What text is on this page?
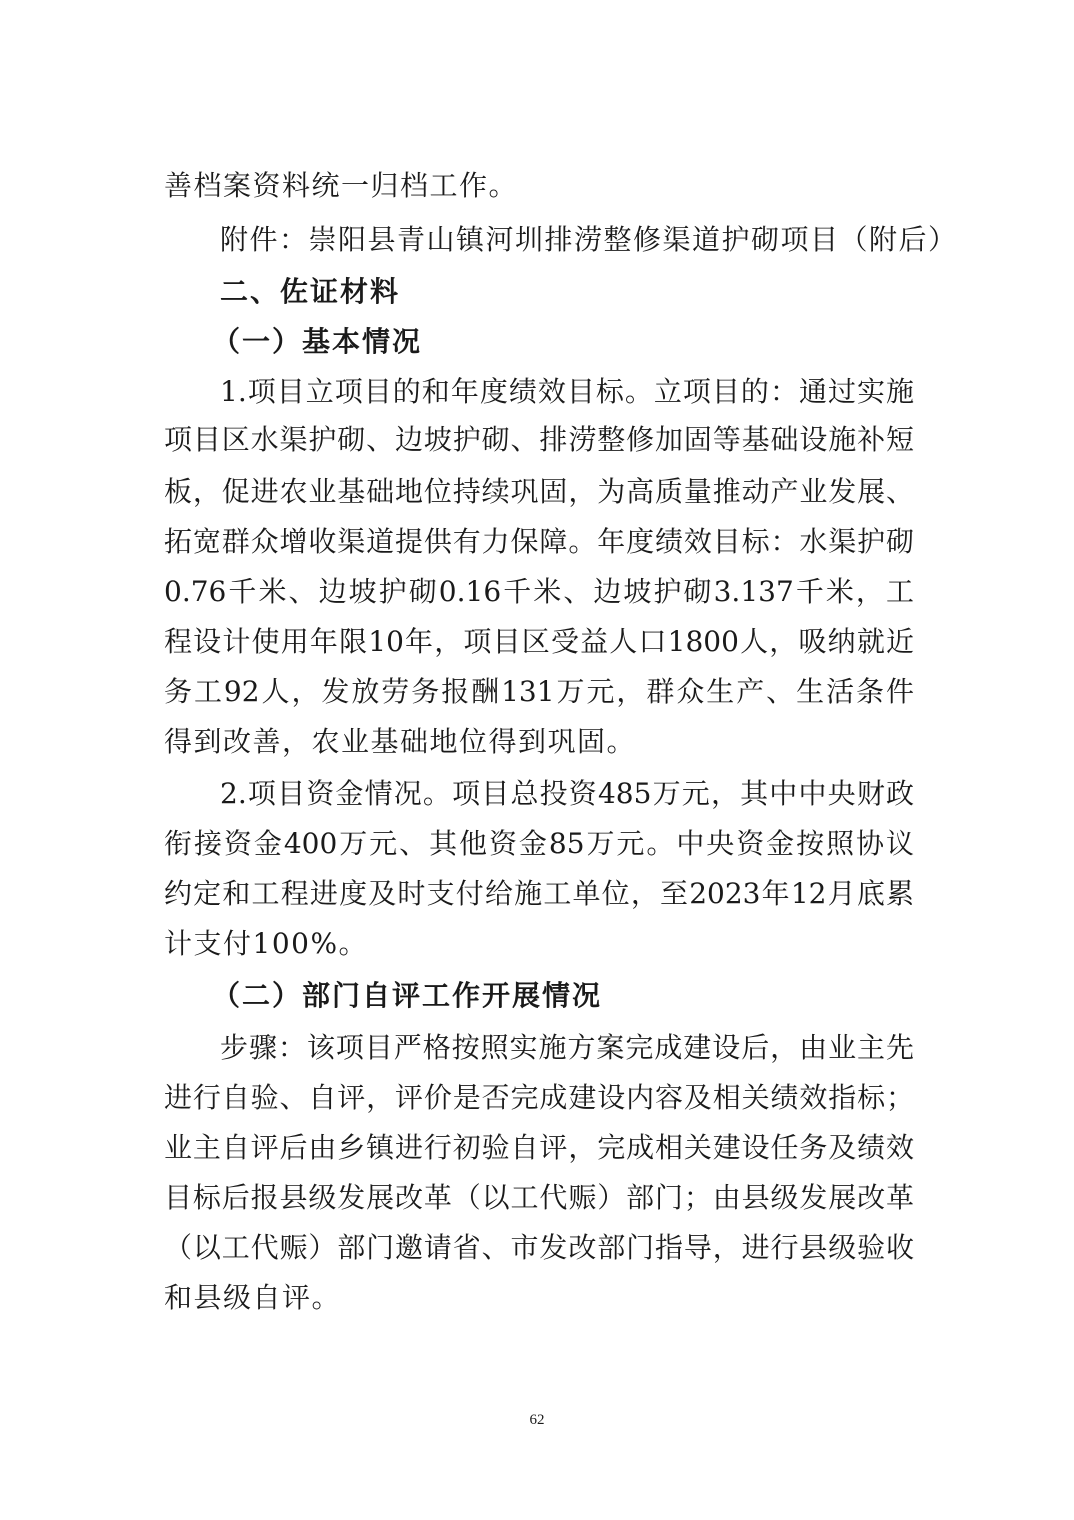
善档案资料统一归档工作。

附件：崇阳县青山镇河圳排涝整修渠道护砌项目（附后）

二、佐证材料

（一）基本情况

1.项目立项目的和年度绩效目标。立项目的：通过实施

项目区水渠护砌、边坡护砌、排涝整修加固等基础设施补短

板，促进农业基础地位持续巩固，为高质量推动产业发展、

拓宽群众增收渠道提供有力保障。年度绩效目标：水渠护砌

0.76千米、边坡护砌0.16千米、边坡护砌3.137千米，工

程设计使用年限10年，项目区受益人口1800人，吸纳就近

务工92人，发放劳务报酬131万元，群众生产、生活条件

得到改善，农业基础地位得到巩固。

2.项目资金情况。项目总投资485万元，其中中央财政

衔接资金400万元、其他资金85万元。中央资金按照协议

约定和工程进度及时支付给施工单位，至2023年12月底累

计支付100%。

（二）部门自评工作开展情况

步骤：该项目严格按照实施方案完成建设后，由业主先

进行自验、自评，评价是否完成建设内容及相关绩效指标；

业主自评后由乡镇进行初验自评，完成相关建设任务及绩效

目标后报县级发展改革（以工代赈）部门；由县级发展改革

（以工代赈）部门邀请省、市发改部门指导，进行县级验收

和县级自评。

62
